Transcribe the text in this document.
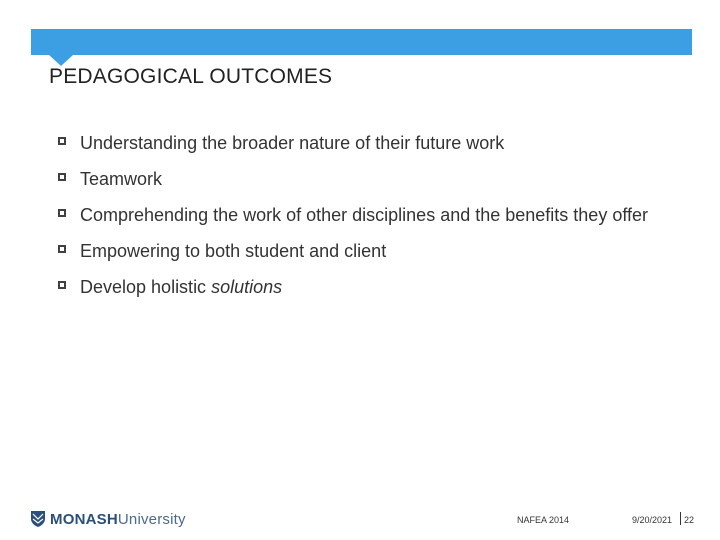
PEDAGOGICAL OUTCOMES
Understanding the broader nature of their future work
Teamwork
Comprehending the work of other disciplines and the benefits they offer
Empowering to both student and client
Develop holistic solutions
MONASHUniversity	NAFEA 2014	9/20/2021 22
